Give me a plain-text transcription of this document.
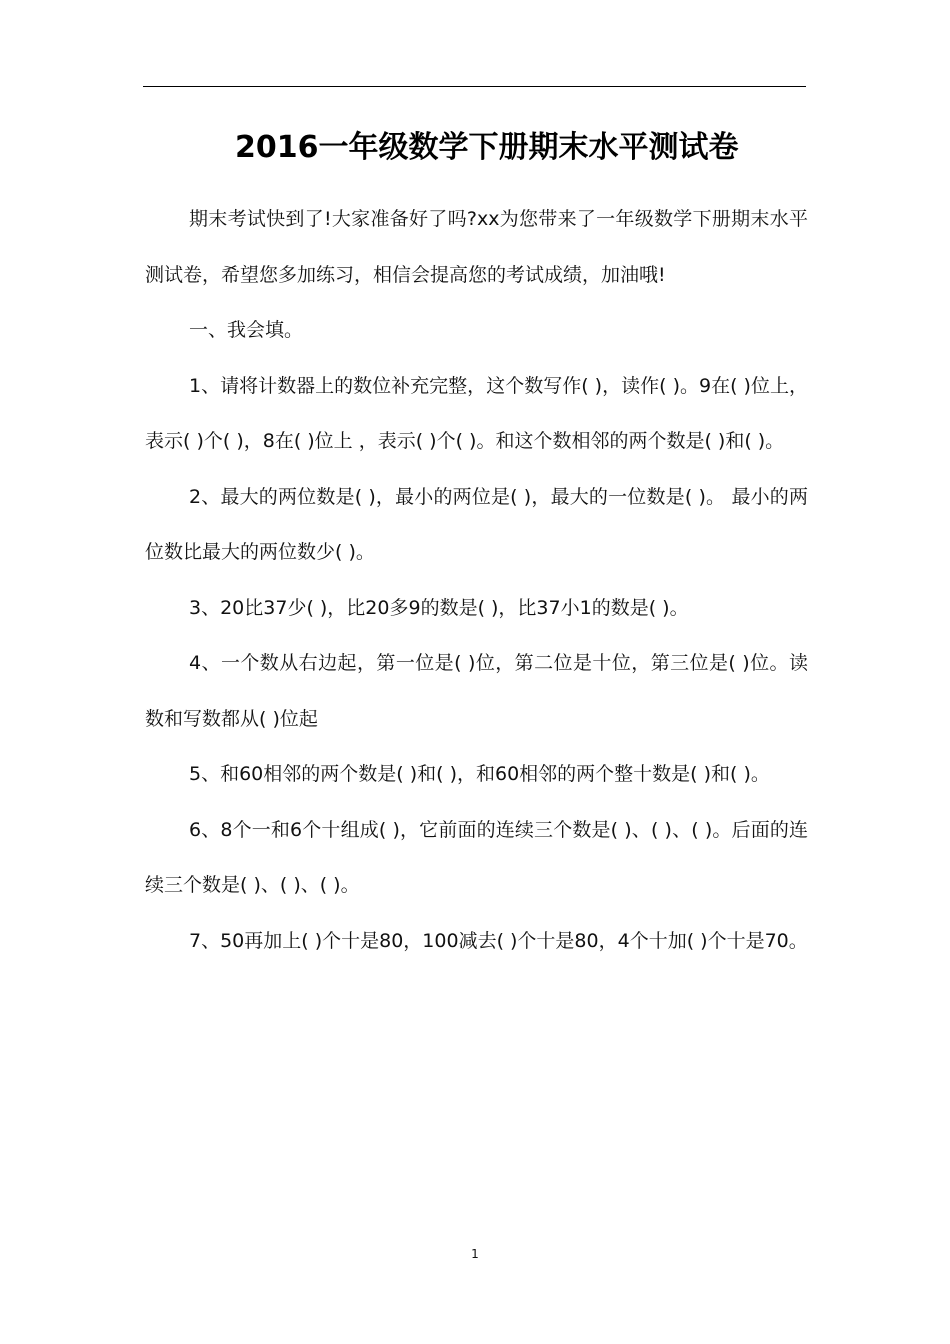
2016一年级数学下册期末水平测试卷

期末考试快到了!大家准备好了吗?xx为您带来了一年级数学下册期末水平测试卷，希望您多加练习，相信会提高您的考试成绩，加油哦!

一、我会填。

1、请将计数器上的数位补充完整，这个数写作( )，读作( )。9在( )位上，表示( )个( )，8在( )位上 ，表示( )个( )。和这个数相邻的两个数是( )和( )。

2、最大的两位数是( )，最小的两位是( )，最大的一位数是( )。 最小的两位数比最大的两位数少( )。

3、20比37少( )，比20多9的数是( )，比37小1的数是( )。

4、一个数从右边起，第一位是( )位，第二位是十位，第三位是( )位。读数和写数都从( )位起

5、和60相邻的两个数是( )和( )，和60相邻的两个整十数是( )和( )。

6、8个一和6个十组成( )，它前面的连续三个数是( )、( )、( )。后面的连续三个数是( )、( )、( )。

7、50再加上( )个十是80，100减去( )个十是80，4个十加( )个十是70。

1
